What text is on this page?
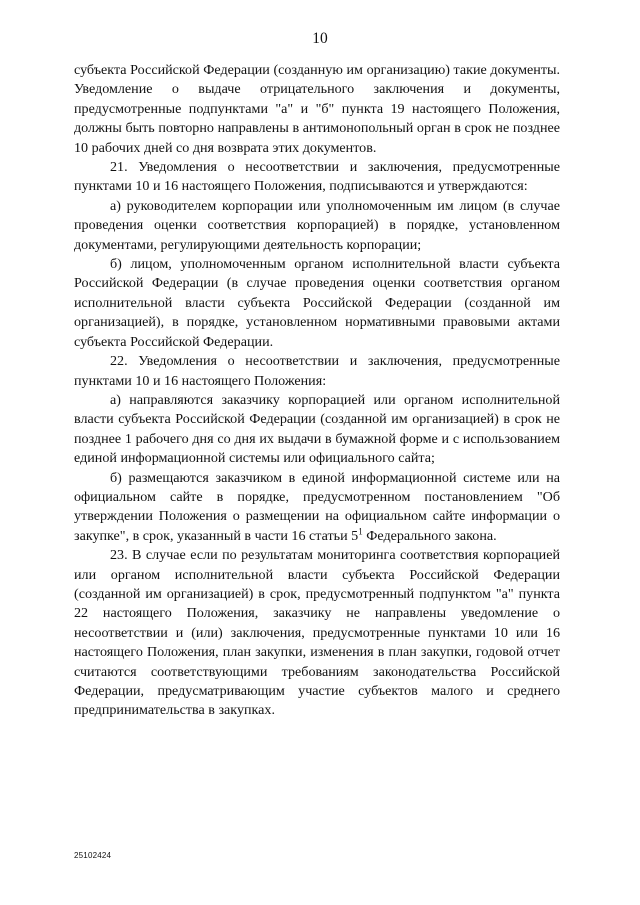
10

субъекта Российской Федерации (созданную им организацию) такие документы. Уведомление о выдаче отрицательного заключения и документы, предусмотренные подпунктами "а" и "б" пункта 19 настоящего Положения, должны быть повторно направлены в антимонопольный орган в срок не позднее 10 рабочих дней со дня возврата этих документов.

21. Уведомления о несоответствии и заключения, предусмотренные пунктами 10 и 16 настоящего Положения, подписываются и утверждаются:

а) руководителем корпорации или уполномоченным им лицом (в случае проведения оценки соответствия корпорацией) в порядке, установленном документами, регулирующими деятельность корпорации;

б) лицом, уполномоченным органом исполнительной власти субъекта Российской Федерации (в случае проведения оценки соответствия органом исполнительной власти субъекта Российской Федерации (созданной им организацией), в порядке, установленном нормативными правовыми актами субъекта Российской Федерации.

22. Уведомления о несоответствии и заключения, предусмотренные пунктами 10 и 16 настоящего Положения:

а) направляются заказчику корпорацией или органом исполнительной власти субъекта Российской Федерации (созданной им организацией) в срок не позднее 1 рабочего дня со дня их выдачи в бумажной форме и с использованием единой информационной системы или официального сайта;

б) размещаются заказчиком в единой информационной системе или на официальном сайте в порядке, предусмотренном постановлением "Об утверждении Положения о размещении на официальном сайте информации о закупке", в срок, указанный в части 16 статьи $5^1$ Федерального закона.

23. В случае если по результатам мониторинга соответствия корпорацией или органом исполнительной власти субъекта Российской Федерации (созданной им организацией) в срок, предусмотренный подпунктом "а" пункта 22 настоящего Положения, заказчику не направлены уведомление о несоответствии и (или) заключения, предусмотренные пунктами 10 или 16 настоящего Положения, план закупки, изменения в план закупки, годовой отчет считаются соответствующими требованиям законодательства Российской Федерации, предусматривающим участие субъектов малого и среднего предпринимательства в закупках.

25102424
